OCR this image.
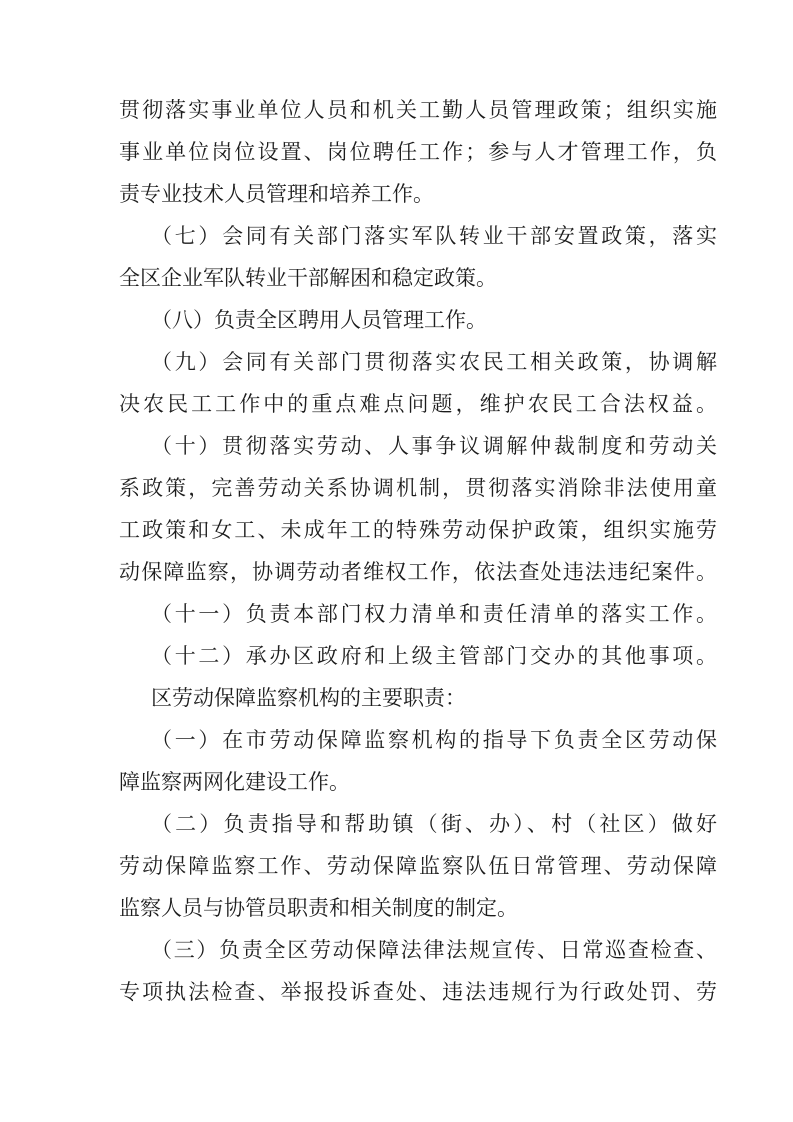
贯彻落实事业单位人员和机关工勤人员管理政策；组织实施
事业单位岗位设置、岗位聘任工作；参与人才管理工作，负
责专业技术人员管理和培养工作。
（七）会同有关部门落实军队转业干部安置政策，落实
全区企业军队转业干部解困和稳定政策。
（八）负责全区聘用人员管理工作。
（九）会同有关部门贯彻落实农民工相关政策，协调解
决农民工工作中的重点难点问题，维护农民工合法权益。
（十）贯彻落实劳动、人事争议调解仲裁制度和劳动关
系政策，完善劳动关系协调机制，贯彻落实消除非法使用童
工政策和女工、未成年工的特殊劳动保护政策，组织实施劳
动保障监察，协调劳动者维权工作，依法查处违法违纪案件。
（十一）负责本部门权力清单和责任清单的落实工作。
（十二）承办区政府和上级主管部门交办的其他事项。
区劳动保障监察机构的主要职责：
（一）在市劳动保障监察机构的指导下负责全区劳动保
障监察两网化建设工作。
（二）负责指导和帮助镇（街、办）、村（社区）做好
劳动保障监察工作、劳动保障监察队伍日常管理、劳动保障
监察人员与协管员职责和相关制度的制定。
（三）负责全区劳动保障法律法规宣传、日常巡查检查、
专项执法检查、举报投诉查处、违法违规行为行政处罚、劳
